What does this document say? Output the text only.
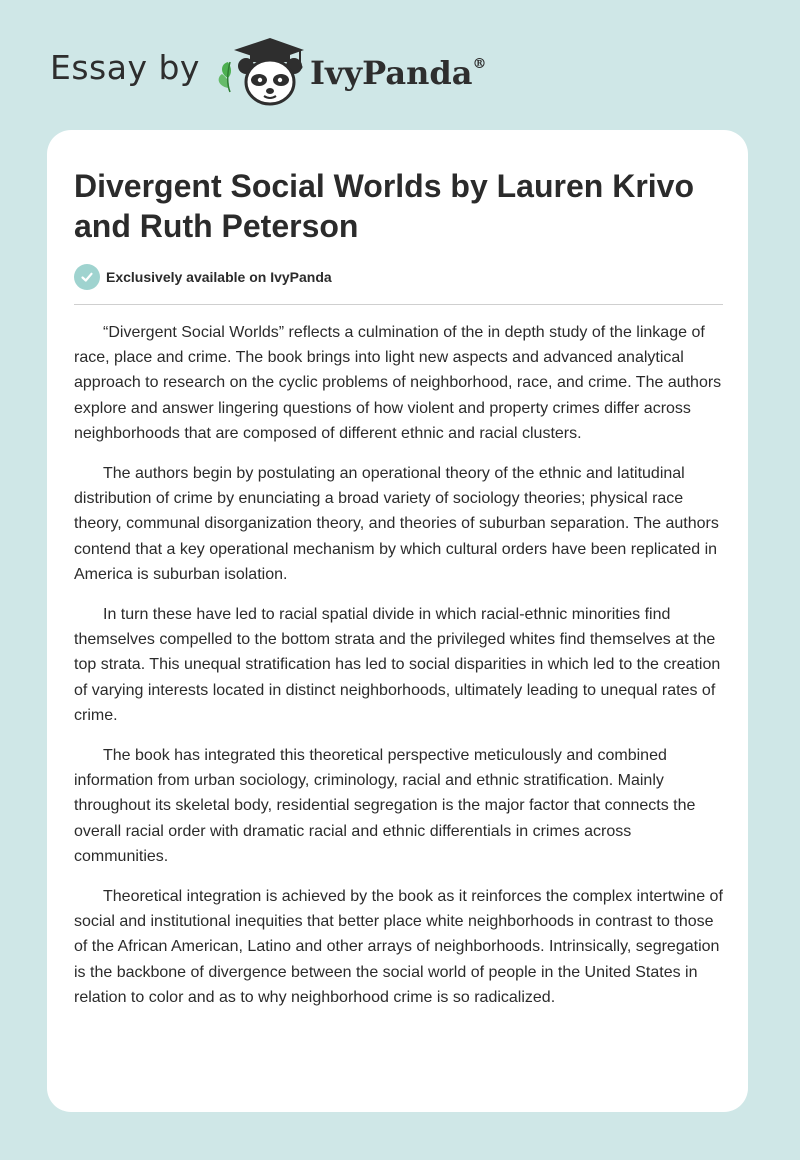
Essay by	IvyPanda®
Divergent Social Worlds by Lauren Krivo and Ruth Peterson
Exclusively available on IvyPanda

“Divergent Social Worlds” reflects a culmination of the in depth study of the linkage of race, place and crime. The book brings into light new aspects and advanced analytical approach to research on the cyclic problems of neighborhood, race, and crime. The authors explore and answer lingering questions of how violent and property crimes differ across neighborhoods that are composed of different ethnic and racial clusters.

The authors begin by postulating an operational theory of the ethnic and latitudinal distribution of crime by enunciating a broad variety of sociology theories; physical race theory, communal disorganization theory, and theories of suburban separation. The authors contend that a key operational mechanism by which cultural orders have been replicated in America is suburban isolation.

In turn these have led to racial spatial divide in which racial-ethnic minorities find themselves compelled to the bottom strata and the privileged whites find themselves at the top strata. This unequal stratification has led to social disparities in which led to the creation of varying interests located in distinct neighborhoods, ultimately leading to unequal rates of crime.

The book has integrated this theoretical perspective meticulously and combined information from urban sociology, criminology, racial and ethnic stratification. Mainly throughout its skeletal body, residential segregation is the major factor that connects the overall racial order with dramatic racial and ethnic differentials in crimes across communities.

Theoretical integration is achieved by the book as it reinforces the complex intertwine of social and institutional inequities that better place white neighborhoods in contrast to those of the African American, Latino and other arrays of neighborhoods. Intrinsically, segregation is the backbone of divergence between the social world of people in the United States in relation to color and as to why neighborhood crime is so radicalized.
